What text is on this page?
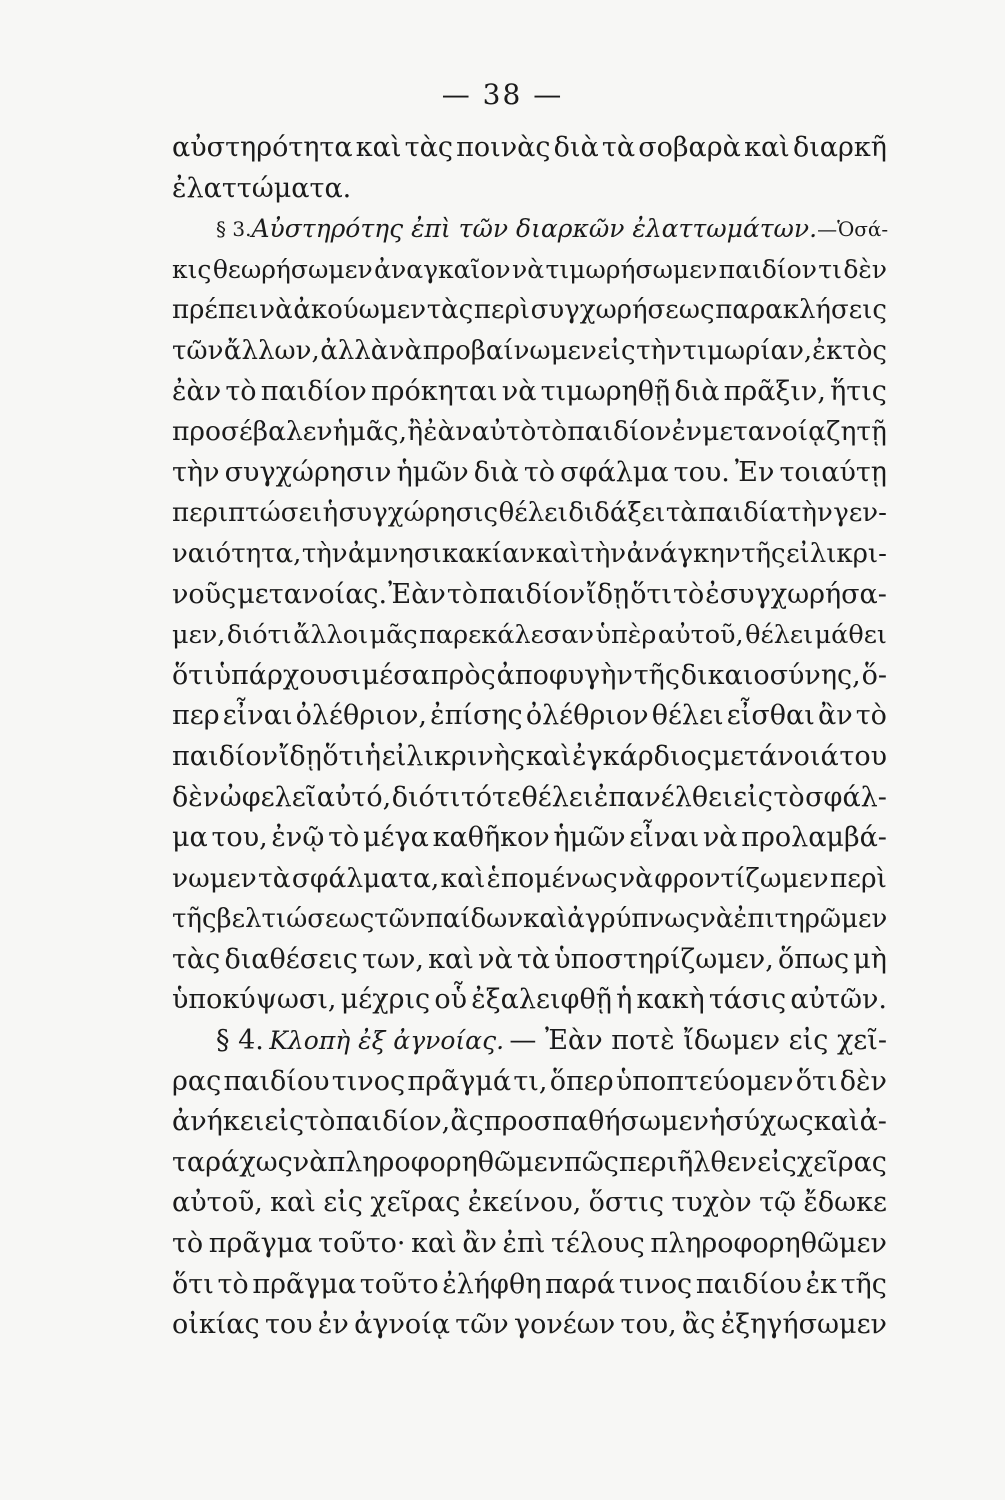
— 38 —
αὐστηρότητα καὶ τὰς ποινὰς διὰ τὰ σοβαρὰ καὶ διαρκῆ
ἐλαττώματα.
§ 3. Αὐστηρότης ἐπὶ τῶν διαρκῶν ἐλαττωμάτων. —Ὁσά-
κις θεωρήσωμεν ἀναγκαῖον νὰ τιμωρήσωμεν παιδίον τι δὲν
πρέπει νὰ ἀκούωμεν τὰς περὶ συγχωρήσεως παρακλήσεις
τῶν ἄλλων, ἀλλὰ νὰ προβαίνωμεν εἰς τὴν τιμωρίαν,ἐκτὸς
ἐὰν τὸ παιδίον πρόκηται νὰ τιμωρηθῇ διὰ πρᾶξιν, ἥτις
προσέβαλεν ἡμᾶς, ἢ ἐὰν αὐτὸ τὸ παιδίον ἐν μετανοίᾳ ζητῇ
τὴν συγχώρησιν ἡμῶν διὰ τὸ σφάλμα του. Ἐν τοιαύτῃ
περιπτώσει ἡ συγχώρησις θέλει διδάξει τὰ παιδία τὴν γεν-
ναιότητα, τὴν ἀμνησικακίαν καὶ τὴν ἀνάγκην τῆς εἰλικρι-
νοῦς μετανοίας. Ἐὰν τὸ παιδίον ἴδῃ ὅτι τὸ ἐσυγχωρήσα-
μεν, διότι ἄλλοι μᾶς παρεκάλεσαν ὑπὲρ αὐτοῦ, θέλει μάθει
ὅτι ὑπάρχουσι μέσα πρὸς ἀποφυγὴν τῆς δικαιοσύνης, ὅ-
περ εἶναι ὀλέθριον, ἐπίσης ὀλέθριον θέλει εἶσθαι ἂν τὸ
παιδίον ἴδῃ ὅτι ἡ εἰλικρινὴς καὶ ἐγκάρδιος μετάνοιά του
δὲν ὠφελεῖ αὐτό, διότι τότε θέλει ἐπανέλθει εἰς τὸ σφάλ-
μα του, ἐνῷ τὸ μέγα καθῆκον ἡμῶν εἶναι νὰ προλαμβά-
νωμεν τὰ σφάλματα, καὶ ἑπομένως νὰ φροντίζωμεν περὶ
τῆς βελτιώσεως τῶν παίδων καὶ ἀγρύπνως νὰ ἐπιτηρῶμεν
τὰς διαθέσεις των, καὶ νὰ τὰ ὑποστηρίζωμεν, ὅπως μὴ
ὑποκύψωσι, μέχρις οὗ ἐξαλειφθῇ ἡ κακὴ τάσις αὐτῶν.
§ 4. Κλοπὴ ἐξ ἀγνοίας. — Ἐὰν ποτὲ ἴδωμεν εἰς χεῖ-
ρας παιδίου τινος πρᾶγμά τι, ὅπερ ὑποπτεύομεν ὅτι δὲν
ἀνήκει εἰς τὸ παιδίον, ἂς προσπαθήσωμεν ἡσύχως καὶ ἀ-
ταράχως νὰ πληροφορηθῶμεν πῶς περιῆλθεν εἰς χεῖρας
αὐτοῦ, καὶ εἰς χεῖρας ἐκείνου, ὅστις τυχὸν τῷ ἔδωκε
τὸ πρᾶγμα τοῦτο· καὶ ἂν ἐπὶ τέλους πληροφορηθῶμεν
ὅτι τὸ πρᾶγμα τοῦτο ἐλήφθη παρά τινος παιδίου ἐκ τῆς
οἰκίας του ἐν ἀγνοίᾳ τῶν γονέων του, ἂς ἐξηγήσωμεν
